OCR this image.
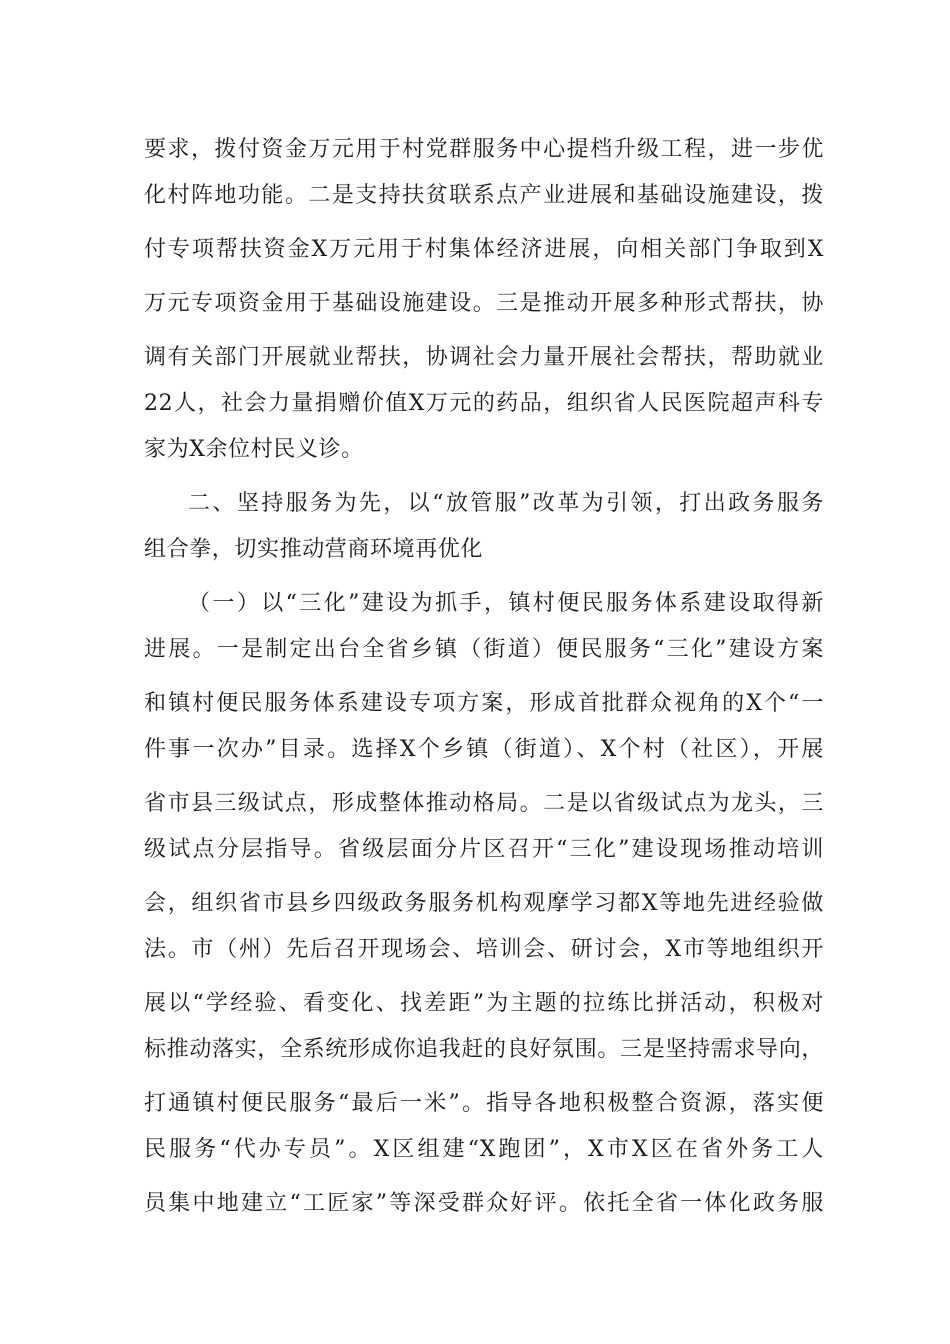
要求，拨付资金万元用于村党群服务中心提档升级工程，进一步优
化村阵地功能。二是支持扶贫联系点产业进展和基础设施建设，拨
付专项帮扶资金X万元用于村集体经济进展，向相关部门争取到X
万元专项资金用于基础设施建设。三是推动开展多种形式帮扶，协
调有关部门开展就业帮扶，协调社会力量开展社会帮扶，帮助就业
22人，社会力量捐赠价值X万元的药品，组织省人民医院超声科专
家为X余位村民义诊。
二、坚持服务为先，以“放管服”改革为引领，打出政务服务
组合拳，切实推动营商环境再优化
（一）以“三化”建设为抓手，镇村便民服务体系建设取得新
进展。一是制定出台全省乡镇（街道）便民服务“三化”建设方案
和镇村便民服务体系建设专项方案，形成首批群众视角的X个“一
件事一次办”目录。选择X个乡镇（街道）、X个村（社区），开展
省市县三级试点，形成整体推动格局。二是以省级试点为龙头，三
级试点分层指导。省级层面分片区召开“三化”建设现场推动培训
会，组织省市县乡四级政务服务机构观摩学习都X等地先进经验做
法。市（州）先后召开现场会、培训会、研讨会，X市等地组织开
展以“学经验、看变化、找差距”为主题的拉练比拼活动，积极对
标推动落实，全系统形成你追我赶的良好氛围。三是坚持需求导向，
打通镇村便民服务“最后一米”。指导各地积极整合资源，落实便
民服务“代办专员”。X区组建“X跑团”，X市X区在省外务工人
员集中地建立“工匠家”等深受群众好评。依托全省一体化政务服
